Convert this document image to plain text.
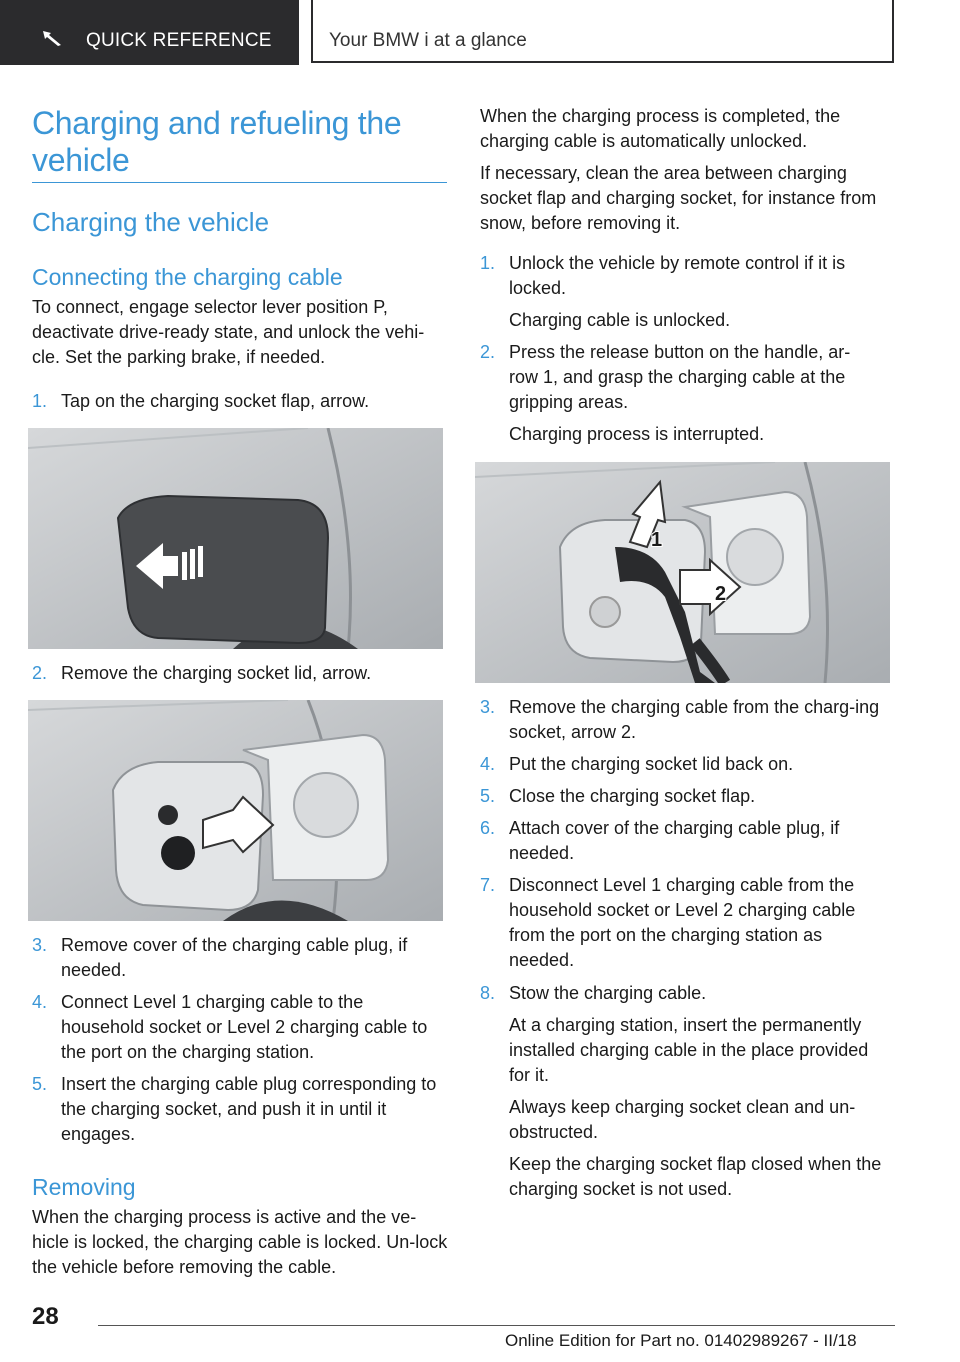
QUICK REFERENCE	Your BMW i at a glance
Charging and refueling the vehicle
Charging the vehicle
Connecting the charging cable

To connect, engage selector lever position P, deactivate drive-ready state, and unlock the vehi-cle. Set the parking brake, if needed.

1. Tap on the charging socket flap, arrow.
2. Remove the charging socket lid, arrow.
3. Remove cover of the charging cable plug, if needed.
4. Connect Level 1 charging cable to the household socket or Level 2 charging cable to the port on the charging station.
5. Insert the charging cable plug corresponding to the charging socket, and push it in until it engages.
Removing

When the charging process is active and the ve-hicle is locked, the charging cable is locked. Un-lock the vehicle before removing the cable.

When the charging process is completed, the charging cable is automatically unlocked.

If necessary, clean the area between charging socket flap and charging socket, for instance from snow, before removing it.

1. Unlock the vehicle by remote control if it is locked.
Charging cable is unlocked.
2. Press the release button on the handle, ar-row 1, and grasp the charging cable at the gripping areas.
Charging process is interrupted.
1
2
3. Remove the charging cable from the charg-ing socket, arrow 2.
4. Put the charging socket lid back on.
5. Close the charging socket flap.
6. Attach cover of the charging cable plug, if needed.
7. Disconnect Level 1 charging cable from the household socket or Level 2 charging cable from the port on the charging station as needed.
8. Stow the charging cable.
At a charging station, insert the permanently installed charging cable in the place provided for it.
Always keep charging socket clean and un-obstructed.
Keep the charging socket flap closed when the charging socket is not used.
28
Online Edition for Part no. 01402989267 - II/18
